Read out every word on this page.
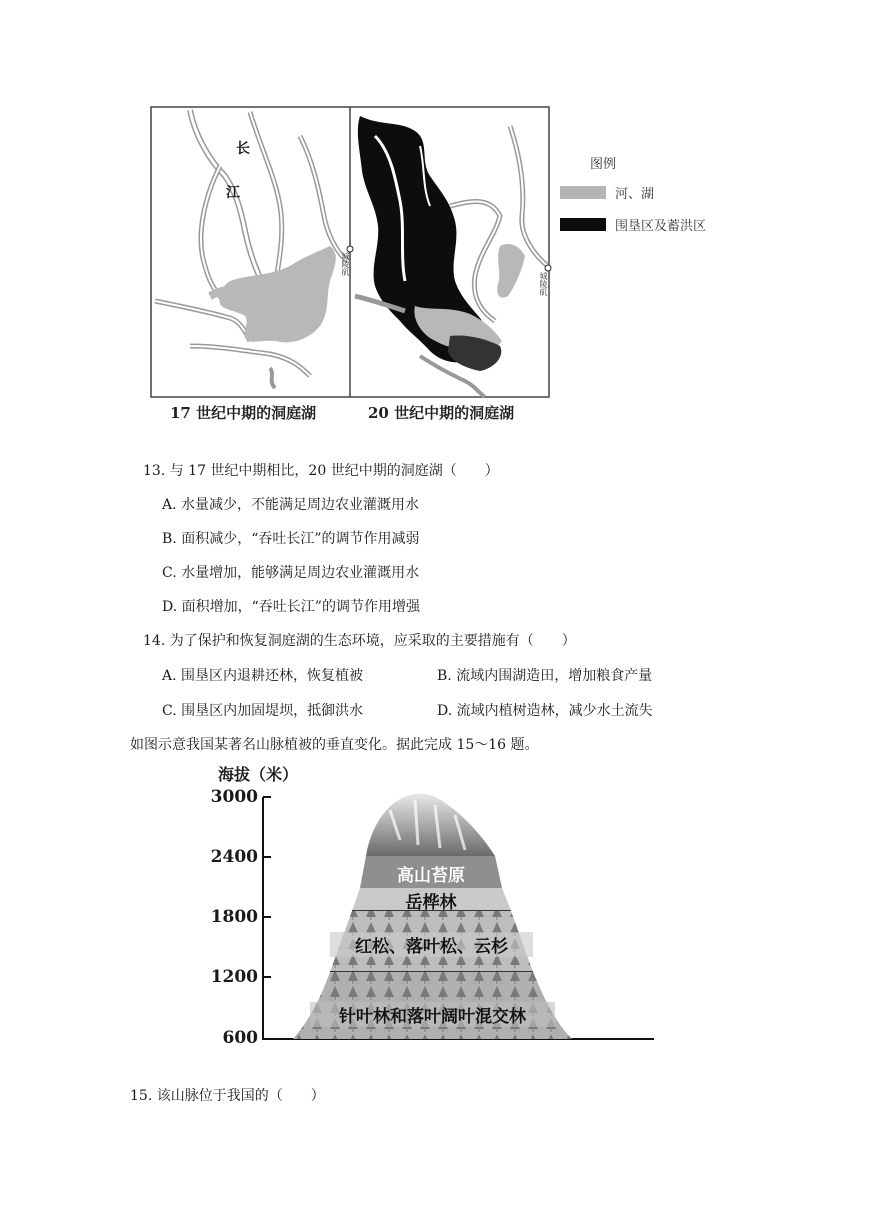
长
江
长
江
城陵矶
城陵矶
17 世纪中期的洞庭湖	20 世纪中期的洞庭湖
图例
河、湖
围垦区及蓄洪区
13. 与 17 世纪中期相比，20 世纪中期的洞庭湖（　　）
A. 水量减少，不能满足周边农业灌溉用水
B. 面积减少，“吞吐长江”的调节作用减弱
C. 水量增加，能够满足周边农业灌溉用水
D. 面积增加，“吞吐长江”的调节作用增强
14. 为了保护和恢复洞庭湖的生态环境，应采取的主要措施有（　　）
A. 围垦区内退耕还林，恢复植被	B. 流域内围湖造田，增加粮食产量
C. 围垦区内加固堤坝，抵御洪水	D. 流域内植树造林，减少水土流失
如图示意我国某著名山脉植被的垂直变化。据此完成 15～16 题。
海拔（米）
3000
2400
1800
1200
600
高山苔原
岳桦林
红松、落叶松、云杉
针叶林和落叶阔叶混交林
15. 该山脉位于我国的（　　）
